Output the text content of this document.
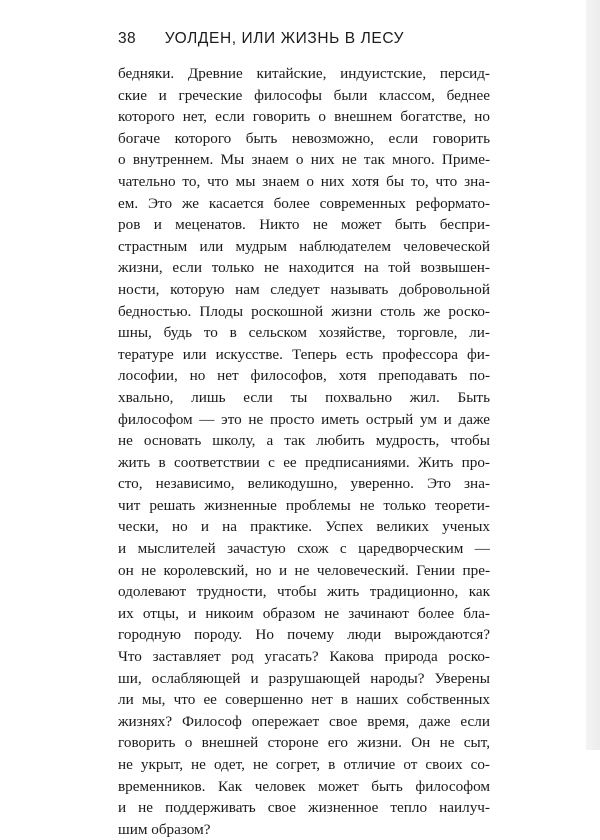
38 УОЛДЕН, ИЛИ ЖИЗНЬ В ЛЕСУ
бедняки. Древние китайские, индуистские, персид-
ские и греческие философы были классом, беднее
которого нет, если говорить о внешнем богатстве, но
богаче которого быть невозможно, если говорить
о внутреннем. Мы знаем о них не так много. Приме-
чательно то, что мы знаем о них хотя бы то, что зна-
ем. Это же касается более современных реформато-
ров и меценатов. Никто не может быть беспри-
страстным или мудрым наблюдателем человеческой
жизни, если только не находится на той возвышен-
ности, которую нам следует называть добровольной
бедностью. Плоды роскошной жизни столь же роско-
шны, будь то в сельском хозяйстве, торговле, ли-
тературе или искусстве. Теперь есть профессора фи-
лософии, но нет философов, хотя преподавать по-
хвально, лишь если ты похвально жил. Быть
философом — это не просто иметь острый ум и даже
не основать школу, а так любить мудрость, чтобы
жить в соответствии с ее предписаниями. Жить про-
сто, независимо, великодушно, уверенно. Это зна-
чит решать жизненные проблемы не только теорети-
чески, но и на практике. Успех великих ученых
и мыслителей зачастую схож с царедворческим —
он не королевский, но и не человеческий. Гении пре-
одолевают трудности, чтобы жить традиционно, как
их отцы, и никоим образом не зачинают более бла-
городную породу. Но почему люди вырождаются?
Что заставляет род угасать? Какова природа роско-
ши, ослабляющей и разрушающей народы? Уверены
ли мы, что ее совершенно нет в наших собственных
жизнях? Философ опережает свое время, даже если
говорить о внешней стороне его жизни. Он не сыт,
не укрыт, не одет, не согрет, в отличие от своих со-
временников. Как человек может быть философом
и не поддерживать свое жизненное тепло наилуч-
шим образом?
